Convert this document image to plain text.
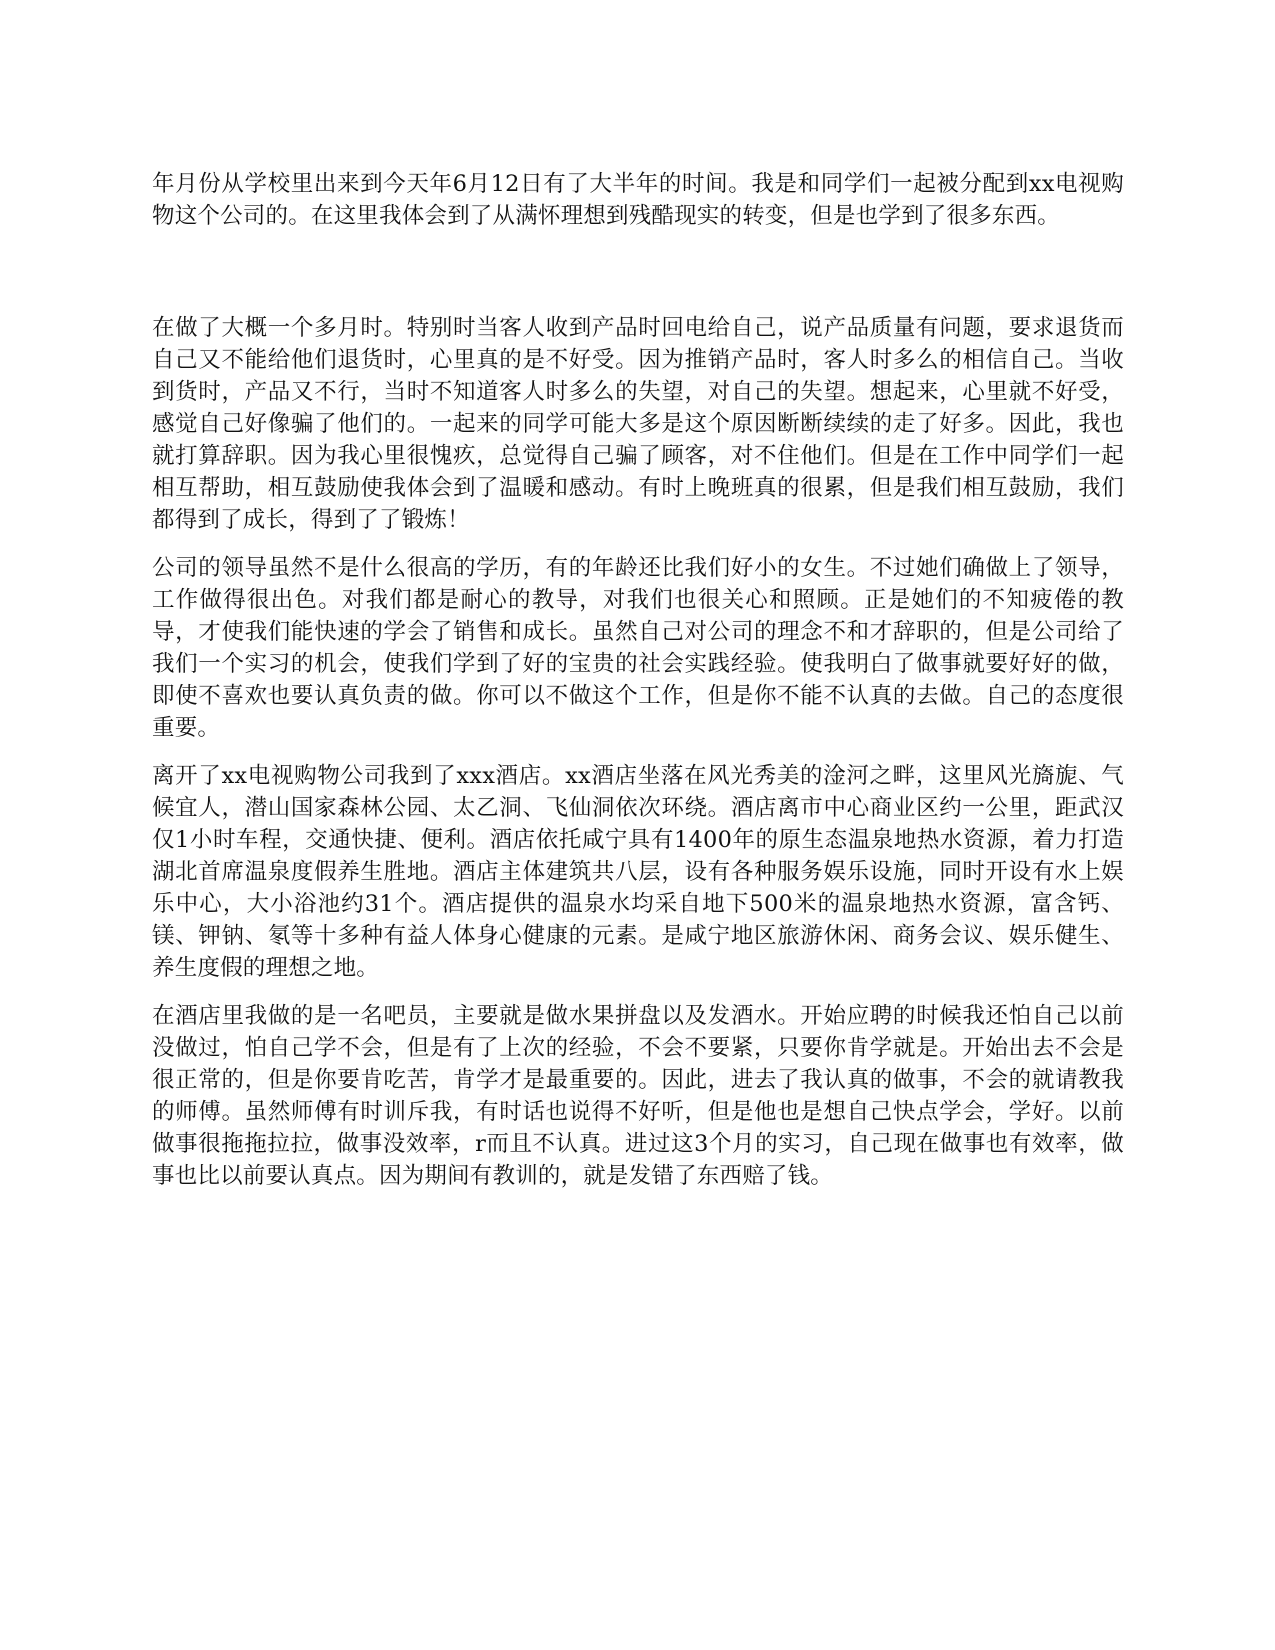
年月份从学校里出来到今天年6月12日有了大半年的时间。我是和同学们一起被分配到xx电视购物这个公司的。在这里我体会到了从满怀理想到残酷现实的转变，但是也学到了很多东西。

在做了大概一个多月时。特别时当客人收到产品时回电给自己，说产品质量有问题，要求退货而自己又不能给他们退货时，心里真的是不好受。因为推销产品时，客人时多么的相信自己。当收到货时，产品又不行，当时不知道客人时多么的失望，对自己的失望。想起来，心里就不好受，感觉自己好像骗了他们的。一起来的同学可能大多是这个原因断断续续的走了好多。因此，我也就打算辞职。因为我心里很愧疚，总觉得自己骗了顾客，对不住他们。但是在工作中同学们一起相互帮助，相互鼓励使我体会到了温暖和感动。有时上晚班真的很累，但是我们相互鼓励，我们都得到了成长，得到了了锻炼！

公司的领导虽然不是什么很高的学历，有的年龄还比我们好小的女生。不过她们确做上了领导，工作做得很出色。对我们都是耐心的教导，对我们也很关心和照顾。正是她们的不知疲倦的教导，才使我们能快速的学会了销售和成长。虽然自己对公司的理念不和才辞职的，但是公司给了我们一个实习的机会，使我们学到了好的宝贵的社会实践经验。使我明白了做事就要好好的做，即使不喜欢也要认真负责的做。你可以不做这个工作，但是你不能不认真的去做。自己的态度很重要。

离开了xx电视购物公司我到了xxx酒店。xx酒店坐落在风光秀美的淦河之畔，这里风光旖旎、气候宜人，潜山国家森林公园、太乙洞、飞仙洞依次环绕。酒店离市中心商业区约一公里，距武汉仅1小时车程，交通快捷、便利。酒店依托咸宁具有1400年的原生态温泉地热水资源，着力打造湖北首席温泉度假养生胜地。酒店主体建筑共八层，设有各种服务娱乐设施，同时开设有水上娱乐中心，大小浴池约31个。酒店提供的温泉水均采自地下500米的温泉地热水资源，富含钙、镁、钾钠、氡等十多种有益人体身心健康的元素。是咸宁地区旅游休闲、商务会议、娱乐健生、养生度假的理想之地。

在酒店里我做的是一名吧员，主要就是做水果拼盘以及发酒水。开始应聘的时候我还怕自己以前没做过，怕自己学不会，但是有了上次的经验，不会不要紧，只要你肯学就是。开始出去不会是很正常的，但是你要肯吃苦，肯学才是最重要的。因此，进去了我认真的做事，不会的就请教我的师傅。虽然师傅有时训斥我，有时话也说得不好听，但是他也是想自己快点学会，学好。以前做事很拖拖拉拉，做事没效率，r而且不认真。进过这3个月的实习，自己现在做事也有效率，做事也比以前要认真点。因为期间有教训的，就是发错了东西赔了钱。
